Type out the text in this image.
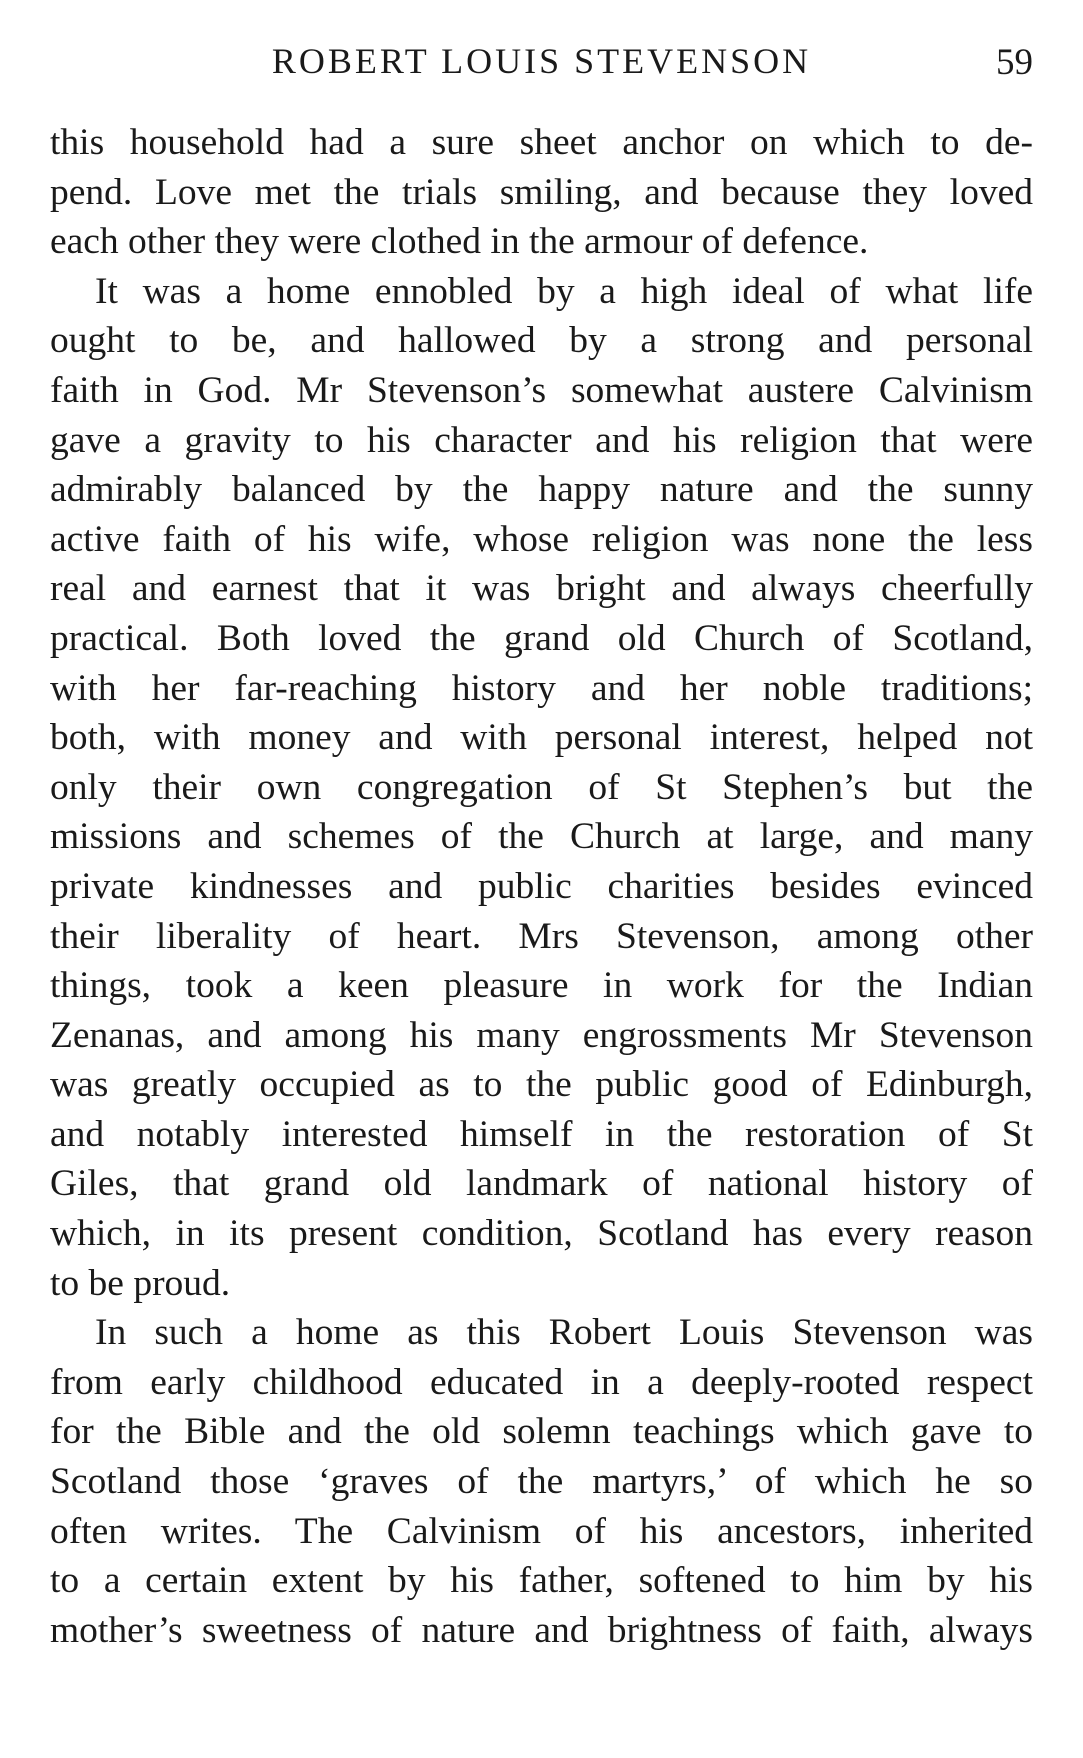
ROBERT LOUIS STEVENSON	59
this household had a sure sheet anchor on which to de-
pend. Love met the trials smiling, and because they loved
each other they were clothed in the armour of defence.
It was a home ennobled by a high ideal of what life
ought to be, and hallowed by a strong and personal
faith in God. Mr Stevenson’s somewhat austere Calvinism
gave a gravity to his character and his religion that were
admirably balanced by the happy nature and the sunny
active faith of his wife, whose religion was none the less
real and earnest that it was bright and always cheerfully
practical. Both loved the grand old Church of Scotland,
with her far-reaching history and her noble traditions;
both, with money and with personal interest, helped not
only their own congregation of St Stephen’s but the
missions and schemes of the Church at large, and many
private kindnesses and public charities besides evinced
their liberality of heart. Mrs Stevenson, among other
things, took a keen pleasure in work for the Indian
Zenanas, and among his many engrossments Mr Stevenson
was greatly occupied as to the public good of Edinburgh,
and notably interested himself in the restoration of St
Giles, that grand old landmark of national history of
which, in its present condition, Scotland has every reason
to be proud.
In such a home as this Robert Louis Stevenson was
from early childhood educated in a deeply-rooted respect
for the Bible and the old solemn teachings which gave to
Scotland those ‘graves of the martyrs,’ of which he so
often writes. The Calvinism of his ancestors, inherited
to a certain extent by his father, softened to him by his
mother’s sweetness of nature and brightness of faith, always
